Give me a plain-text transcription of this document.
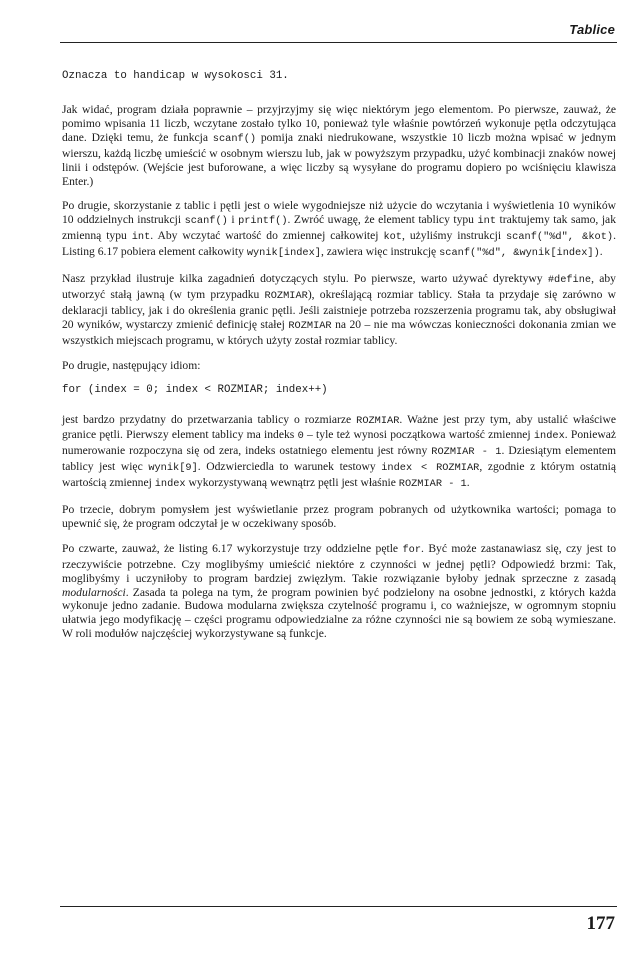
Tablice
Oznacza to handicap w wysokosci 31.

Jak widać, program działa poprawnie – przyjrzyjmy się więc niektórym jego elementom. Po pierwsze, zauważ, że pomimo wpisania 11 liczb, wczytane zostało tylko 10, ponieważ tyle właśnie powtórzeń wykonuje pętla odczytująca dane. Dzięki temu, że funkcja scanf() pomija znaki niedrukowane, wszystkie 10 liczb można wpisać w jednym wierszu, każdą liczbę umieścić w osobnym wierszu lub, jak w powyższym przypadku, użyć kombinacji znaków nowej linii i odstępów. (Wejście jest buforowane, a więc liczby są wysyłane do programu dopiero po wciśnięciu klawisza Enter.)

Po drugie, skorzystanie z tablic i pętli jest o wiele wygodniejsze niż użycie do wczytania i wyświetlenia 10 wyników 10 oddzielnych instrukcji scanf() i printf(). Zwróć uwagę, że element tablicy typu int traktujemy tak samo, jak zmienną typu int. Aby wczytać wartość do zmiennej całkowitej kot, użyliśmy instrukcji scanf("%d", &kot). Listing 6.17 pobiera element całkowity wynik[index], zawiera więc instrukcję scanf("%d", &wynik[index]).

Nasz przykład ilustruje kilka zagadnień dotyczących stylu. Po pierwsze, warto używać dyrektywy #define, aby utworzyć stałą jawną (w tym przypadku ROZMIAR), określającą rozmiar tablicy. Stała ta przydaje się zarówno w deklaracji tablicy, jak i do określenia granic pętli. Jeśli zaistnieje potrzeba rozszerzenia programu tak, aby obsługiwał 20 wyników, wystarczy zmienić definicję stałej ROZMIAR na 20 – nie ma wówczas konieczności dokonania zmian we wszystkich miejscach programu, w których użyty został rozmiar tablicy.

Po drugie, następujący idiom:

for (index = 0; index < ROZMIAR; index++)

jest bardzo przydatny do przetwarzania tablicy o rozmiarze ROZMIAR. Ważne jest przy tym, aby ustalić właściwe granice pętli. Pierwszy element tablicy ma indeks 0 – tyle też wynosi początkowa wartość zmiennej index. Ponieważ numerowanie rozpoczyna się od zera, indeks ostatniego elementu jest równy ROZMIAR - 1. Dziesiątym elementem tablicy jest więc wynik[9]. Odzwierciedla to warunek testowy index < ROZMIAR, zgodnie z którym ostatnią wartością zmiennej index wykorzystywaną wewnątrz pętli jest właśnie ROZMIAR - 1.

Po trzecie, dobrym pomysłem jest wyświetlanie przez program pobranych od użytkownika wartości; pomaga to upewnić się, że program odczytał je w oczekiwany sposób.

Po czwarte, zauważ, że listing 6.17 wykorzystuje trzy oddzielne pętle for. Być może zastanawiasz się, czy jest to rzeczywiście potrzebne. Czy moglibyśmy umieścić niektóre z czynności w jednej pętli? Odpowiedź brzmi: Tak, moglibyśmy i uczyniłoby to program bardziej zwięzłym. Takie rozwiązanie byłoby jednak sprzeczne z zasadą modularności. Zasada ta polega na tym, że program powinien być podzielony na osobne jednostki, z których każda wykonuje jedno zadanie. Budowa modularna zwiększa czytelność programu i, co ważniejsze, w ogromnym stopniu ułatwia jego modyfikację – części programu odpowiedzialne za różne czynności nie są bowiem ze sobą wymieszane. W roli modułów najczęściej wykorzystywane są funkcje.

177
